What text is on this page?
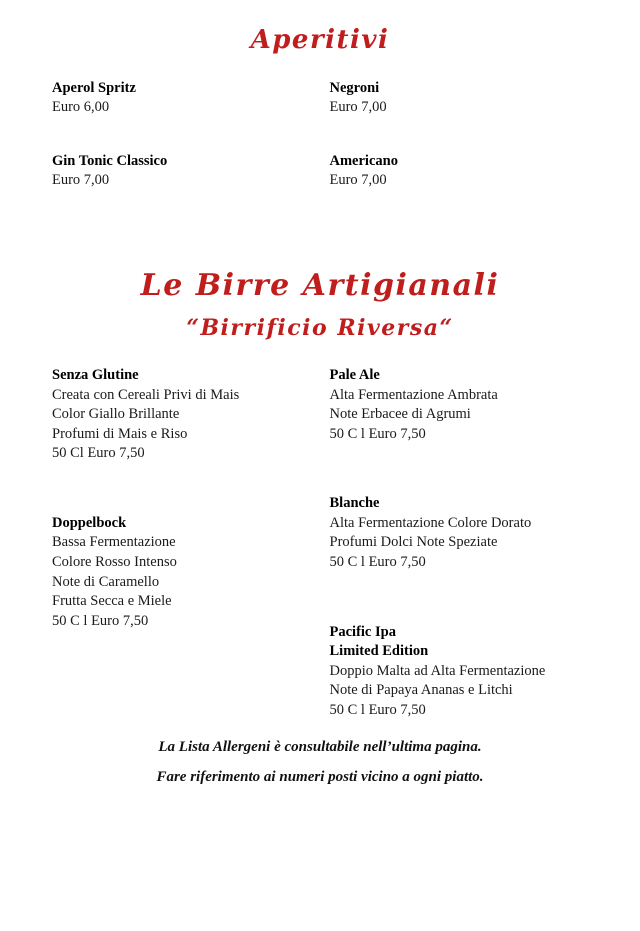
Aperitivi
Aperol Spritz
Euro 6,00
Gin Tonic Classico
Euro 7,00
Negroni
Euro 7,00
Americano
Euro 7,00
Le Birre Artigianali
“Birrificio Riversa“
Senza Glutine
Creata con Cereali Privi di Mais
Color Giallo Brillante
Profumi di Mais e Riso
50 Cl Euro 7,50
Doppelbock
Bassa Fermentazione
Colore Rosso Intenso
Note di Caramello
Frutta Secca e Miele
50 C l Euro 7,50
Pale Ale
Alta Fermentazione Ambrata
Note Erbacee di Agrumi
50 C l Euro 7,50
Blanche
Alta Fermentazione Colore Dorato
Profumi Dolci Note Speziate
50 C l Euro 7,50
Pacific Ipa
Limited Edition
Doppio Malta ad Alta Fermentazione
Note di Papaya Ananas e Litchi
50 C l Euro 7,50
La Lista Allergeni è consultabile nell’ultima pagina.
Fare riferimento ai numeri posti vicino a ogni piatto.
